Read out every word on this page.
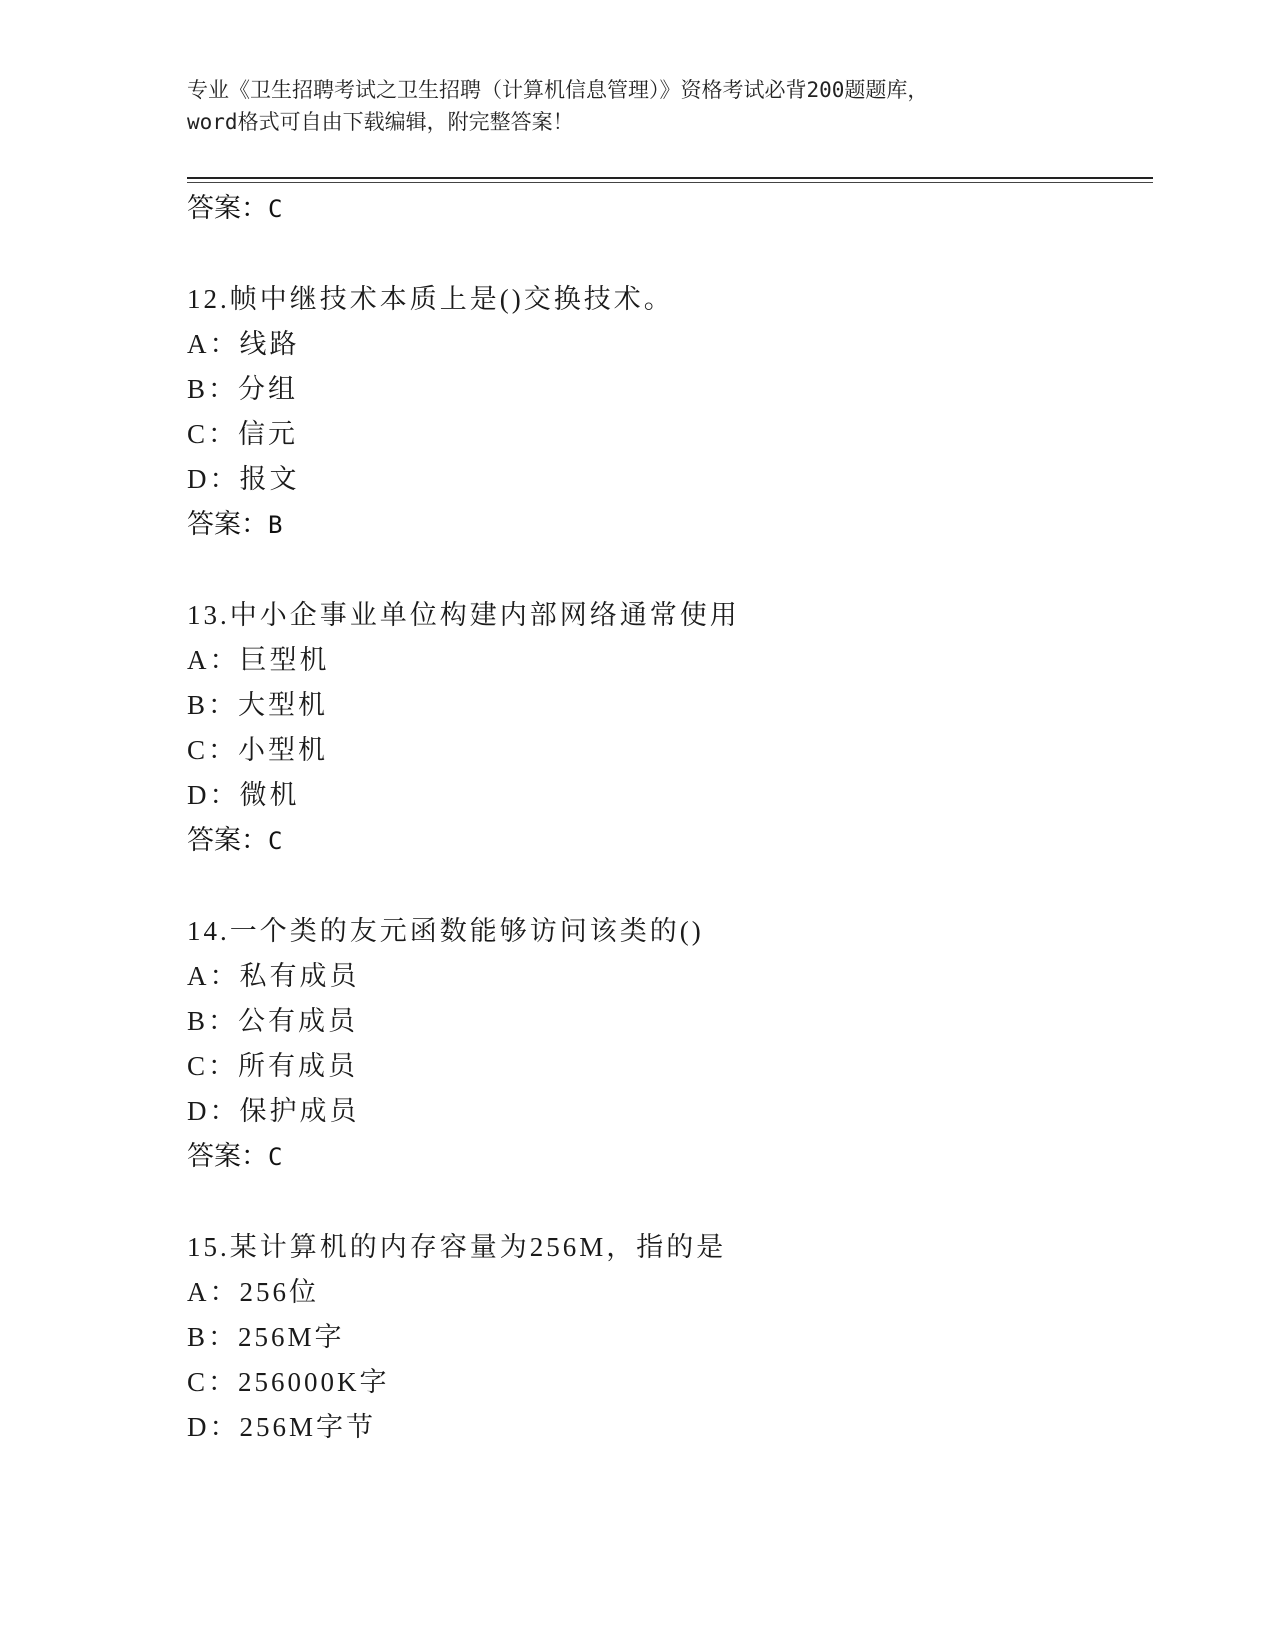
专业《卫生招聘考试之卫生招聘（计算机信息管理）》资格考试必背200题题库，
word格式可自由下载编辑，附完整答案！
答案：C
12.帧中继技术本质上是()交换技术。
A：线路
B：分组
C：信元
D：报文
答案：B
13.中小企事业单位构建内部网络通常使用
A：巨型机
B：大型机
C：小型机
D：微机
答案：C
14.一个类的友元函数能够访问该类的()
A：私有成员
B：公有成员
C：所有成员
D：保护成员
答案：C
15.某计算机的内存容量为256M，指的是
A：256位
B：256M字
C：256000K字
D：256M字节
